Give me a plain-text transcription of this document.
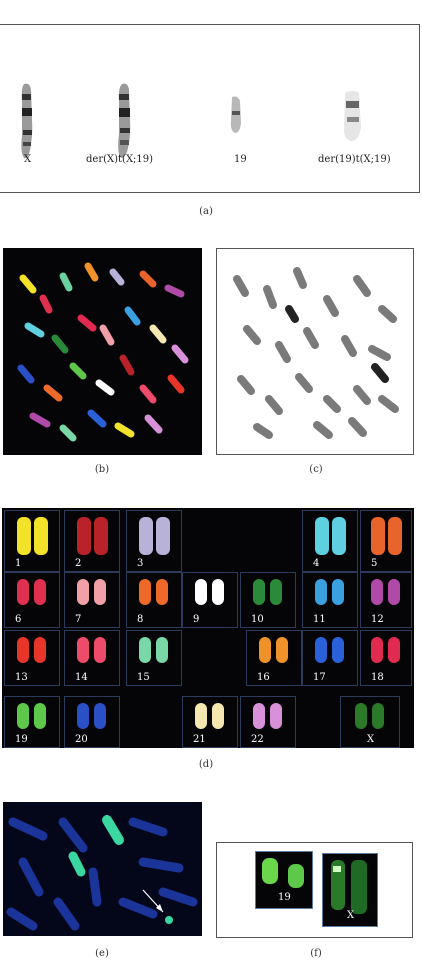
X	der(X)t(X;19)	19	der(19)t(X;19)
(a)
(b)	(c)
1	2	3	4	5
6	7	8	9	10	11	12
13	14	15	16	17	18
19	20	21	22	X
(d)
(e)
19
X
(f)
